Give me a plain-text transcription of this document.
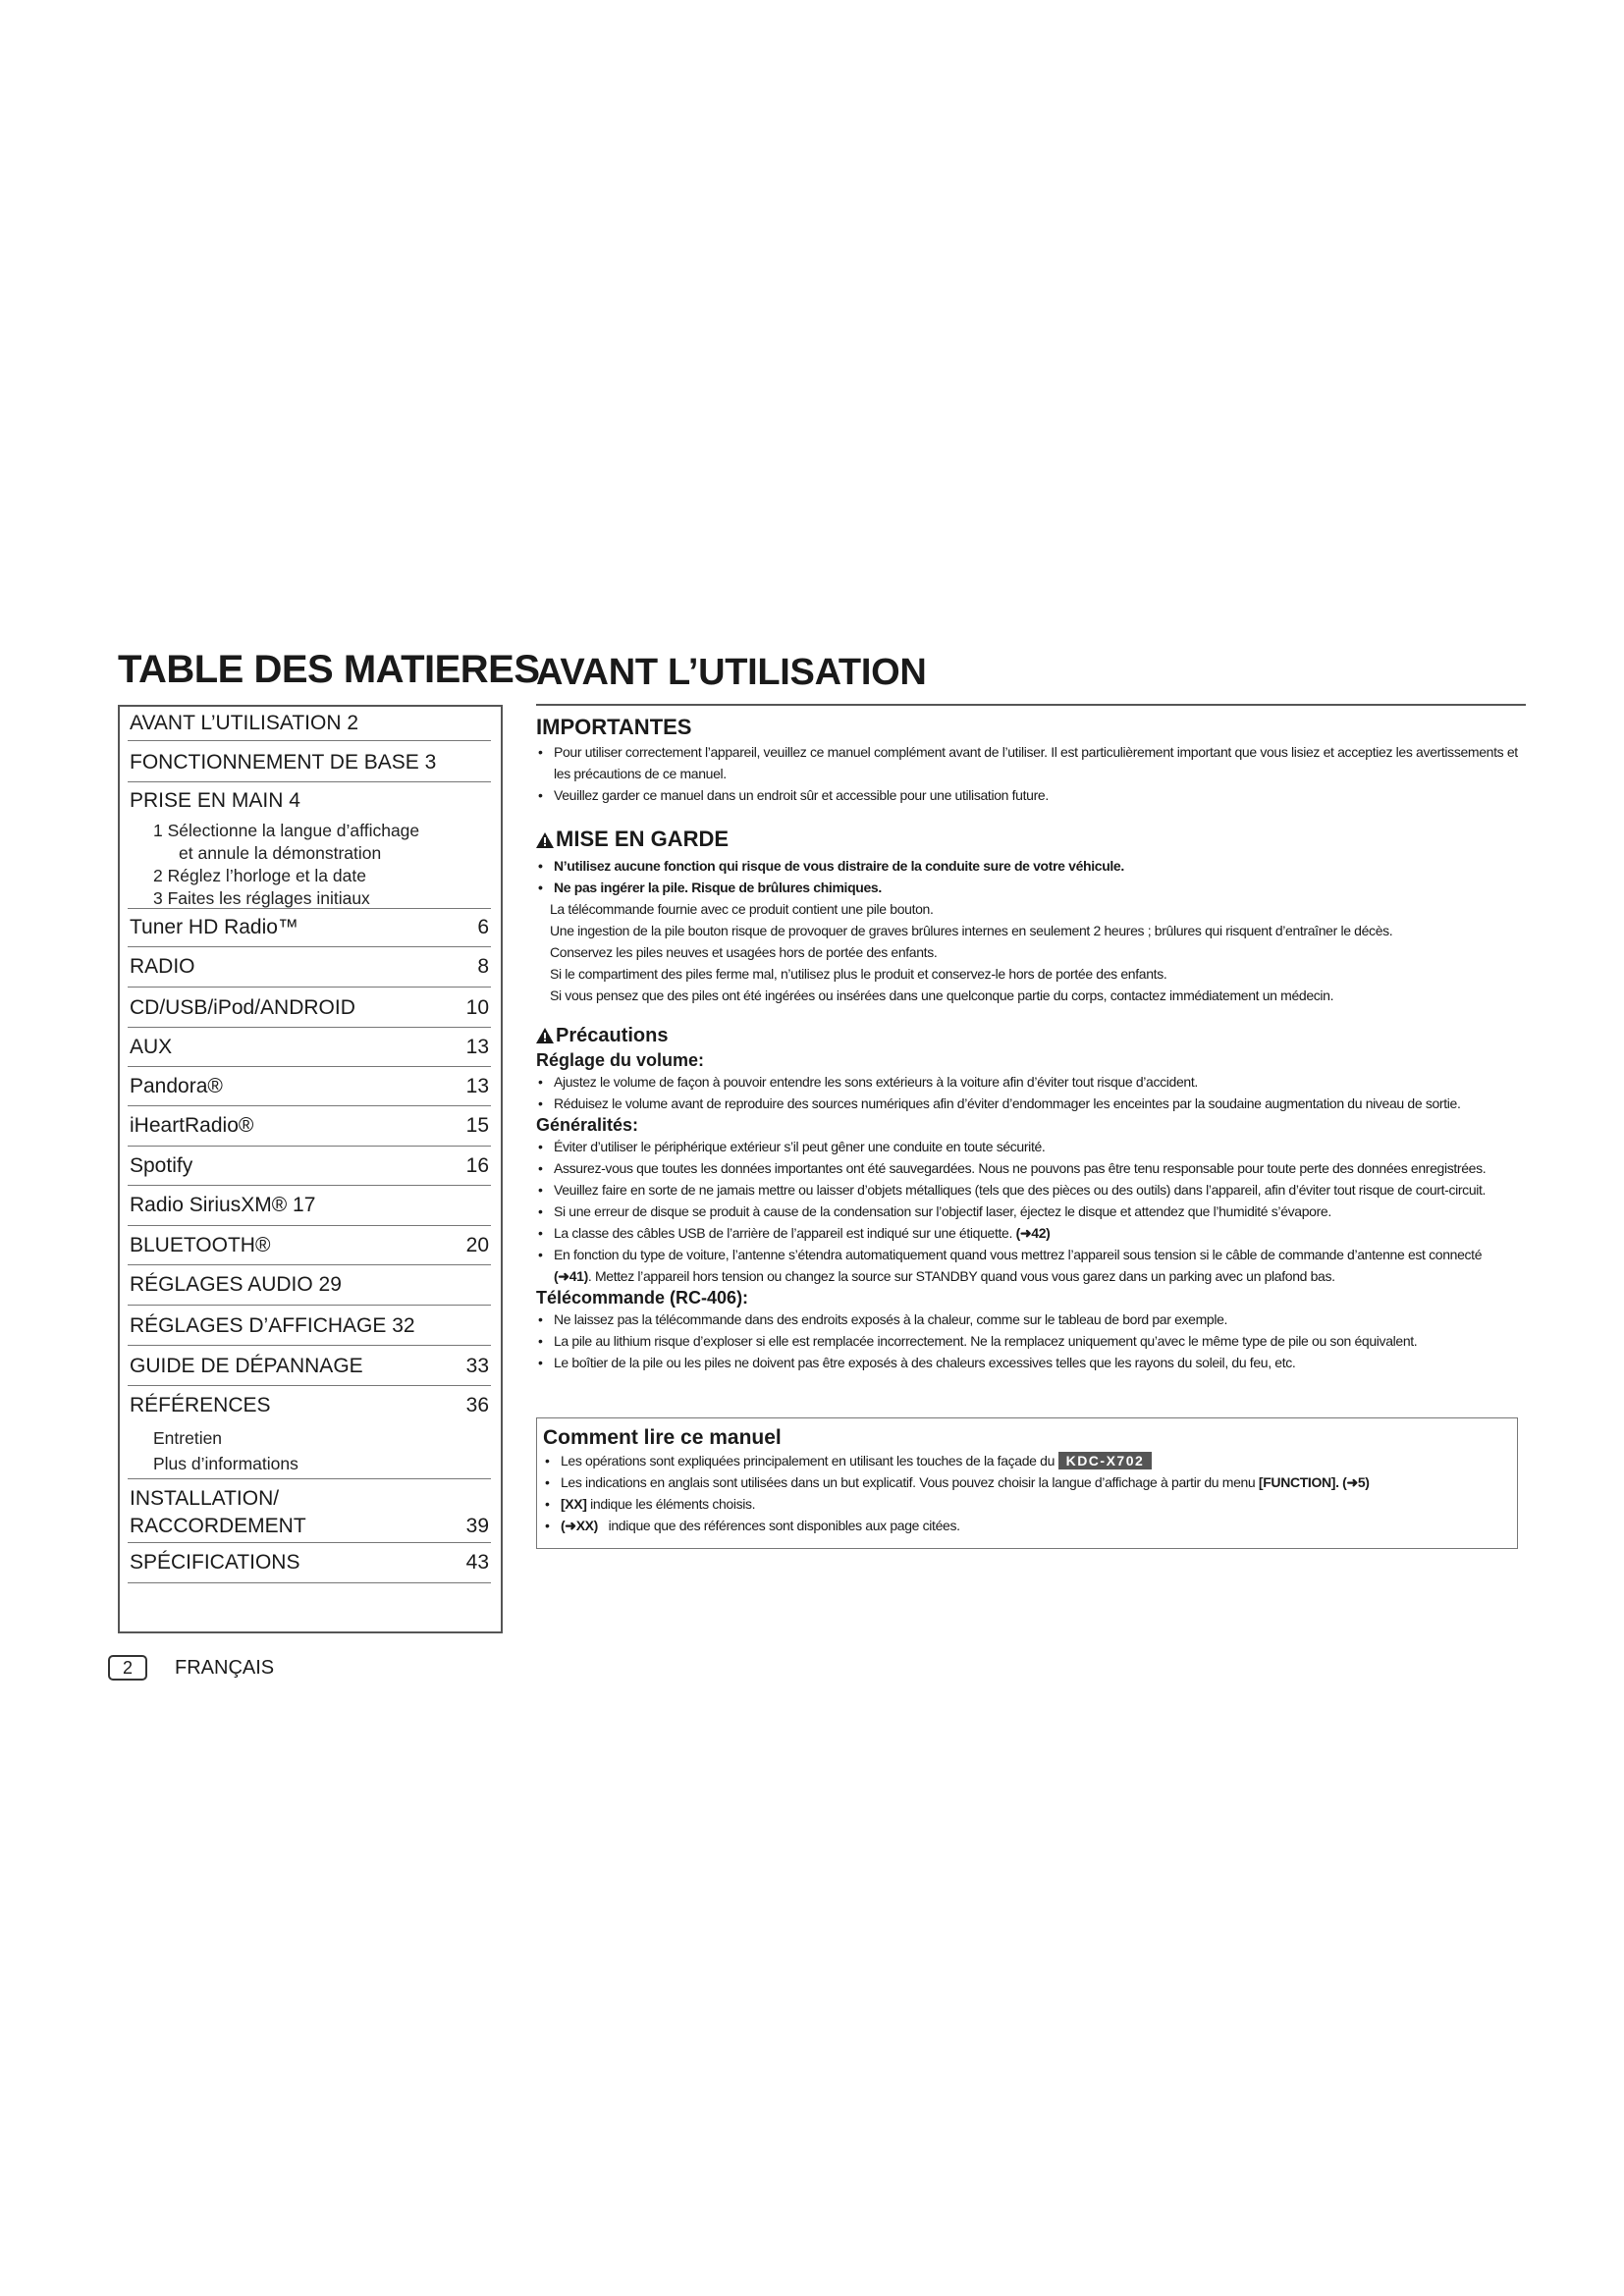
TABLE DES MATIERES
AVANT L’UTILISATION
AVANT L’UTILISATION 2
FONCTIONNEMENT DE BASE 3
PRISE EN MAIN 4
1 Sélectionne la langue d’affichage
et annule la démonstration
2 Réglez l’horloge et la date
3 Faites les réglages initiaux
Tuner HD Radio™	6
RADIO	8
CD/USB/iPod/ANDROID	10
AUX	13
Pandora®	13
iHeartRadio®	15
Spotify	16
Radio SiriusXM® 17
BLUETOOTH®	20
RÉGLAGES AUDIO 29
RÉGLAGES D’AFFICHAGE 32
GUIDE DE DÉPANNAGE	33
RÉFÉRENCES	36
Entretien
Plus d’informations
INSTALLATION/
RACCORDEMENT	39
SPÉCIFICATIONS	43
IMPORTANTES
• Pour utiliser correctement l’appareil, veuillez ce manuel complément avant de l’utiliser. Il est particulièrement important que vous lisiez et acceptiez les avertissements et les précautions de ce manuel.
• Veuillez garder ce manuel dans un endroit sûr et accessible pour une utilisation future.
MISE EN GARDE
• N’utilisez aucune fonction qui risque de vous distraire de la conduite sure de votre véhicule.
• Ne pas ingérer la pile. Risque de brûlures chimiques.
La télécommande fournie avec ce produit contient une pile bouton.
Une ingestion de la pile bouton risque de provoquer de graves brûlures internes en seulement 2 heures ; brûlures qui risquent d’entraîner le décès.
Conservez les piles neuves et usagées hors de portée des enfants.
Si le compartiment des piles ferme mal, n’utilisez plus le produit et conservez-le hors de portée des enfants.
Si vous pensez que des piles ont été ingérées ou insérées dans une quelconque partie du corps, contactez immédiatement un médecin.
Précautions
Réglage du volume:
• Ajustez le volume de façon à pouvoir entendre les sons extérieurs à la voiture afin d’éviter tout risque d’accident.
• Réduisez le volume avant de reproduire des sources numériques afin d’éviter d’endommager les enceintes par la soudaine augmentation du niveau de sortie.
Généralités:
• Éviter d’utiliser le périphérique extérieur s’il peut gêner une conduite en toute sécurité.
• Assurez-vous que toutes les données importantes ont été sauvegardées. Nous ne pouvons pas être tenu responsable pour toute perte des données enregistrées.
• Veuillez faire en sorte de ne jamais mettre ou laisser d’objets métalliques (tels que des pièces ou des outils) dans l’appareil, afin d’éviter tout risque de court-circuit.
• Si une erreur de disque se produit à cause de la condensation sur l’objectif laser, éjectez le disque et attendez que l’humidité s’évapore.
• La classe des câbles USB de l’arrière de l’appareil est indiqué sur une étiquette. (➜42)
• En fonction du type de voiture, l’antenne s’étendra automatiquement quand vous mettrez l’appareil sous tension si le câble de commande d’antenne est connecté
(➜41). Mettez l’appareil hors tension ou changez la source sur STANDBY quand vous vous garez dans un parking avec un plafond bas.
Télécommande (RC-406):
• Ne laissez pas la télécommande dans des endroits exposés à la chaleur, comme sur le tableau de bord par exemple.
• La pile au lithium risque d’exploser si elle est remplacée incorrectement. Ne la remplacez uniquement qu’avec le même type de pile ou son équivalent.
• Le boîtier de la pile ou les piles ne doivent pas être exposés à des chaleurs excessives telles que les rayons du soleil, du feu, etc.
Comment lire ce manuel
• Les opérations sont expliquées principalement en utilisant les touches de la façade du KDC-X702
• Les indications en anglais sont utilisées dans un but explicatif. Vous pouvez choisir la langue d’affichage à partir du menu [FUNCTION]. (➜5)
• [XX] indique les éléments choisis.
• (➜XX) indique que des références sont disponibles aux page citées.
2	FRANÇAIS
